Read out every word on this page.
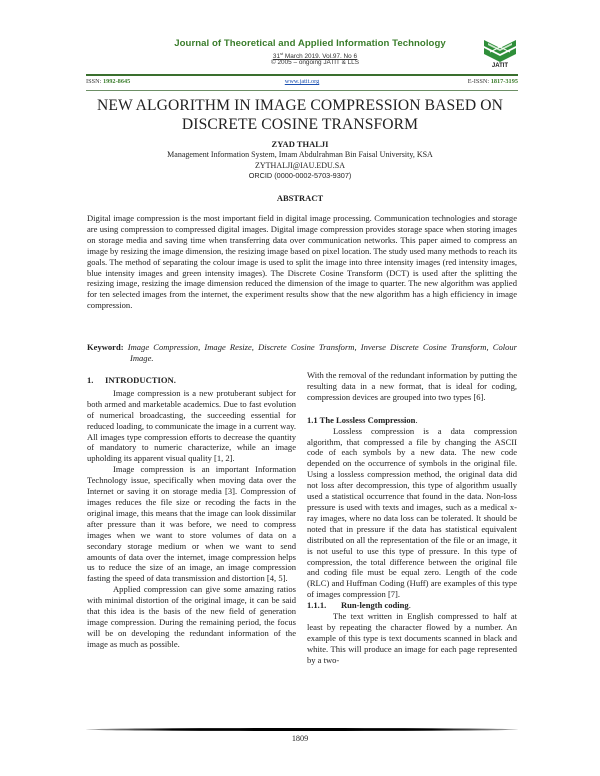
Journal of Theoretical and Applied Information Technology
31st March 2019. Vol.97. No 6
© 2005 – ongoing JATIT & LLS	JATIT
ISSN: 1992-8645	www.jatit.org	E-ISSN: 1817-3195
NEW ALGORITHM IN IMAGE COMPRESSION BASED ON DISCRETE COSINE TRANSFORM
ZYAD THALJI
Management Information System, Imam Abdulrahman Bin Faisal University, KSA
ZYTHALJI@IAU.EDU.SA
ORCID (0000-0002-5703-9307)
ABSTRACT
Digital image compression is the most important field in digital image processing. Communication technologies and storage are using compression to compressed digital images. Digital image compression provides storage space when storing images on storage media and saving time when transferring data over communication networks. This paper aimed to compress an image by resizing the image dimension, the resizing image based on pixel location. The study used many methods to reach its goals. The method of separating the colour image is used to split the image into three intensity images (red intensity images, blue intensity images and green intensity images). The Discrete Cosine Transform (DCT) is used after the splitting the resizing image, resizing the image dimension reduced the dimension of the image to quarter. The new algorithm was applied for ten selected images from the internet, the experiment results show that the new algorithm has a high efficiency in image compression.
Keyword: Image Compression, Image Resize, Discrete Cosine Transform, Inverse Discrete Cosine Transform, Colour Image.
1. INTRODUCTION.

Image compression is a new protuberant subject for both armed and marketable academics. Due to fast evolution of numerical broadcasting, the succeeding essential for reduced loading, to communicate the image in a current way. All images type compression efforts to decrease the quantity of mandatory to numeric characterize, while an image upholding its apparent visual quality [1, 2].

Image compression is an important Information Technology issue, specifically when moving data over the Internet or saving it on storage media [3]. Compression of images reduces the file size or recoding the facts in the original image, this means that the image can look dissimilar after pressure than it was before, we need to compress images when we want to store volumes of data on a secondary storage medium or when we want to send amounts of data over the internet, image compression helps us to reduce the size of an image, an image compression fasting the speed of data transmission and distortion [4, 5].

Applied compression can give some amazing ratios with minimal distortion of the original image, it can be said that this idea is the basis of the new field of generation image compression. During the remaining period, the focus will be on developing the redundant information of the image as much as possible.

With the removal of the redundant information by putting the resulting data in a new format, that is ideal for coding, compression devices are grouped into two types [6].

1.1 The Lossless Compression.

Lossless compression is a data compression algorithm, that compressed a file by changing the ASCII code of each symbols by a new data. The new code depended on the occurrence of symbols in the original file. Using a lossless compression method, the original data did not loss after decompression, this type of algorithm usually used a statistical occurrence that found in the data. Non-loss pressure is used with texts and images, such as a medical x-ray images, where no data loss can be tolerated. It should be noted that in pressure if the data has statistical equivalent distributed on all the representation of the file or an image, it is not useful to use this type of pressure. In this type of compression, the total difference between the original file and coding file must be equal zero. Length of the code (RLC) and Huffman Coding (Huff) are examples of this type of images compression [7].

1.1.1. Run-length coding.

The text written in English compressed to half at least by repeating the character flowed by a number. An example of this type is text documents scanned in black and white. This will produce an image for each page represented by a two-

1809
